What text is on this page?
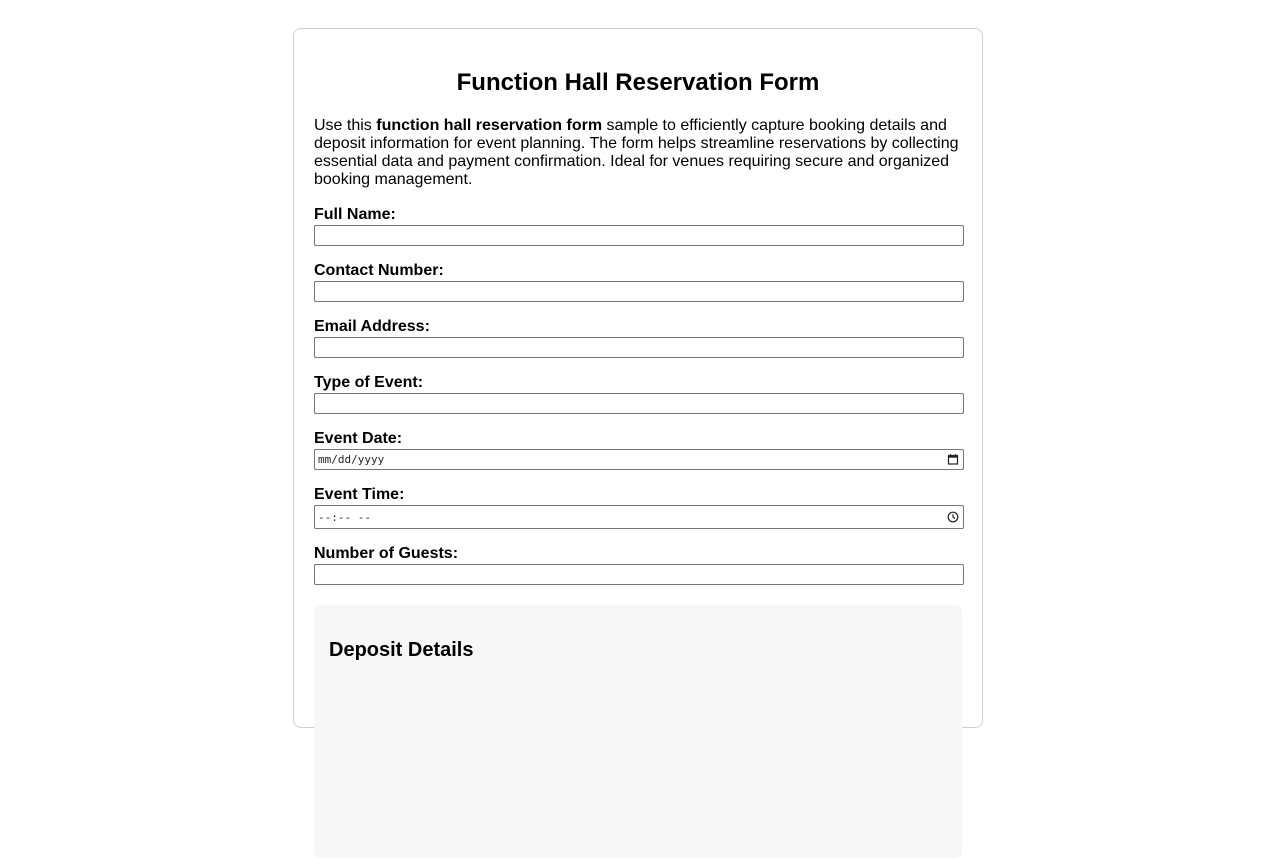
Function Hall Reservation Form

Use this function hall reservation form sample to efficiently capture booking details and deposit information for event planning. The form helps streamline reservations by collecting essential data and payment confirmation. Ideal for venues requiring secure and organized booking management.

Full Name:
Contact Number:
Email Address:
Type of Event:
Event Date:
mm/dd/yyyy
Event Time:
--:-- --
Number of Guests:
Deposit Details
